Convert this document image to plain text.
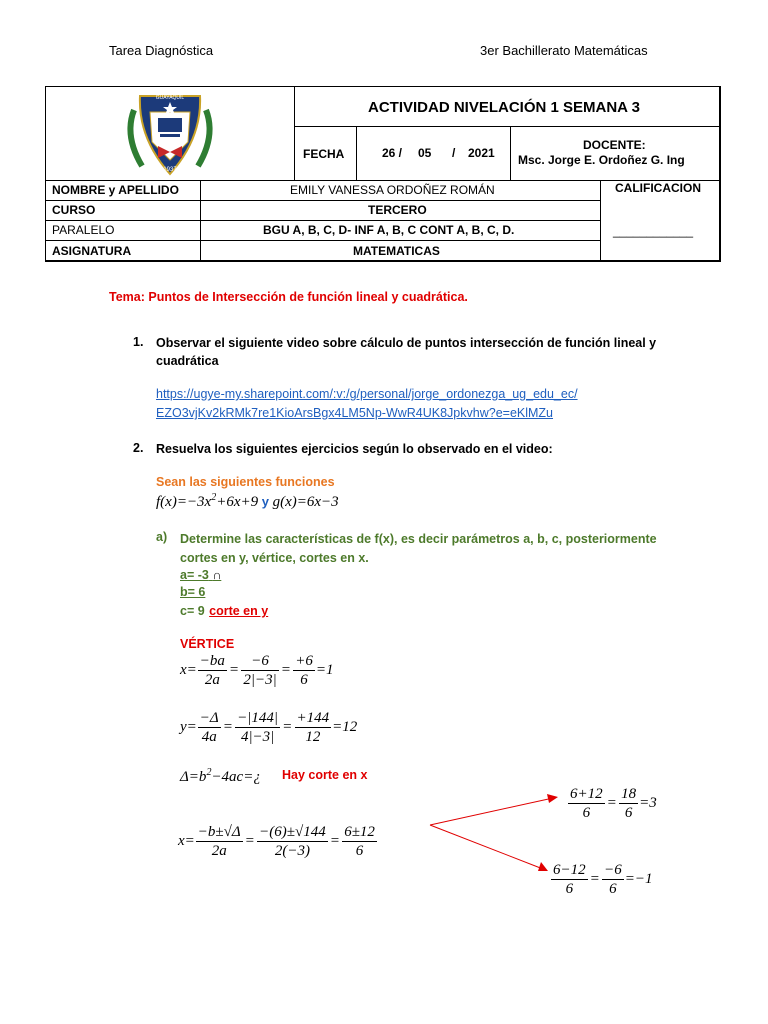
Tarea Diagnóstica	3er Bachillerato Matemáticas
1937
GUAYAQUIL
ACTIVIDAD NIVELACIÓN 1 SEMANA 3
FECHA	26 / 05 / 2021
DOCENTE:
Msc. Jorge E. Ordoñez G. Ing
NOMBRE y APELLIDO	EMILY VANESSA ORDOÑEZ ROMÁN
CURSO	TERCERO
PARALELO	BGU A, B, C, D- INF A, B, C CONT A, B, C, D.
ASIGNATURA	MATEMATICAS
CALIFICACION
____________
Tema: Puntos de Intersección de función lineal y cuadrática.
1. Observar el siguiente video sobre cálculo de puntos intersección de función lineal y
cuadrática
https://ugye-my.sharepoint.com/:v:/g/personal/jorge_ordonezga_ug_edu_ec/
EZO3vjKv2kRMk7re1KioArsBgx4LM5Np-WwR4UK8Jpkvhw?e=eKlMZu
2. Resuelva los siguientes ejercicios según lo observado en el video:
Sean las siguientes funciones
$f(x)=-3x^2+6x+9$ y g(x)=6x−3
a) Determine las características de f(x), es decir parámetros a, b, c, posteriormente
cortes en y, vértice, cortes en x.
a= -3 ∩
b= 6
c= 9 corte en y
VÉRTICE
$x= \frac{-ba}{2a} = \frac{-6}{2|-3|} = \frac{+6}{6} =1$
$y= \frac{-\Delta}{4a} = \frac{-|144|}{4|-3|} = \frac{+144}{12} =12$
$\Delta=b^2-4ac=¿$ Hay corte en x
$x= \frac{-b\pm√\Delta}{2a} = \frac{-(6)\pm√144}{2(-3)} = \frac{6\pm 12}{6}$
$\frac{6+12}{6} = \frac{18}{6} =3$
$\frac{6-12}{6} = \frac{-6}{6} =-1$
